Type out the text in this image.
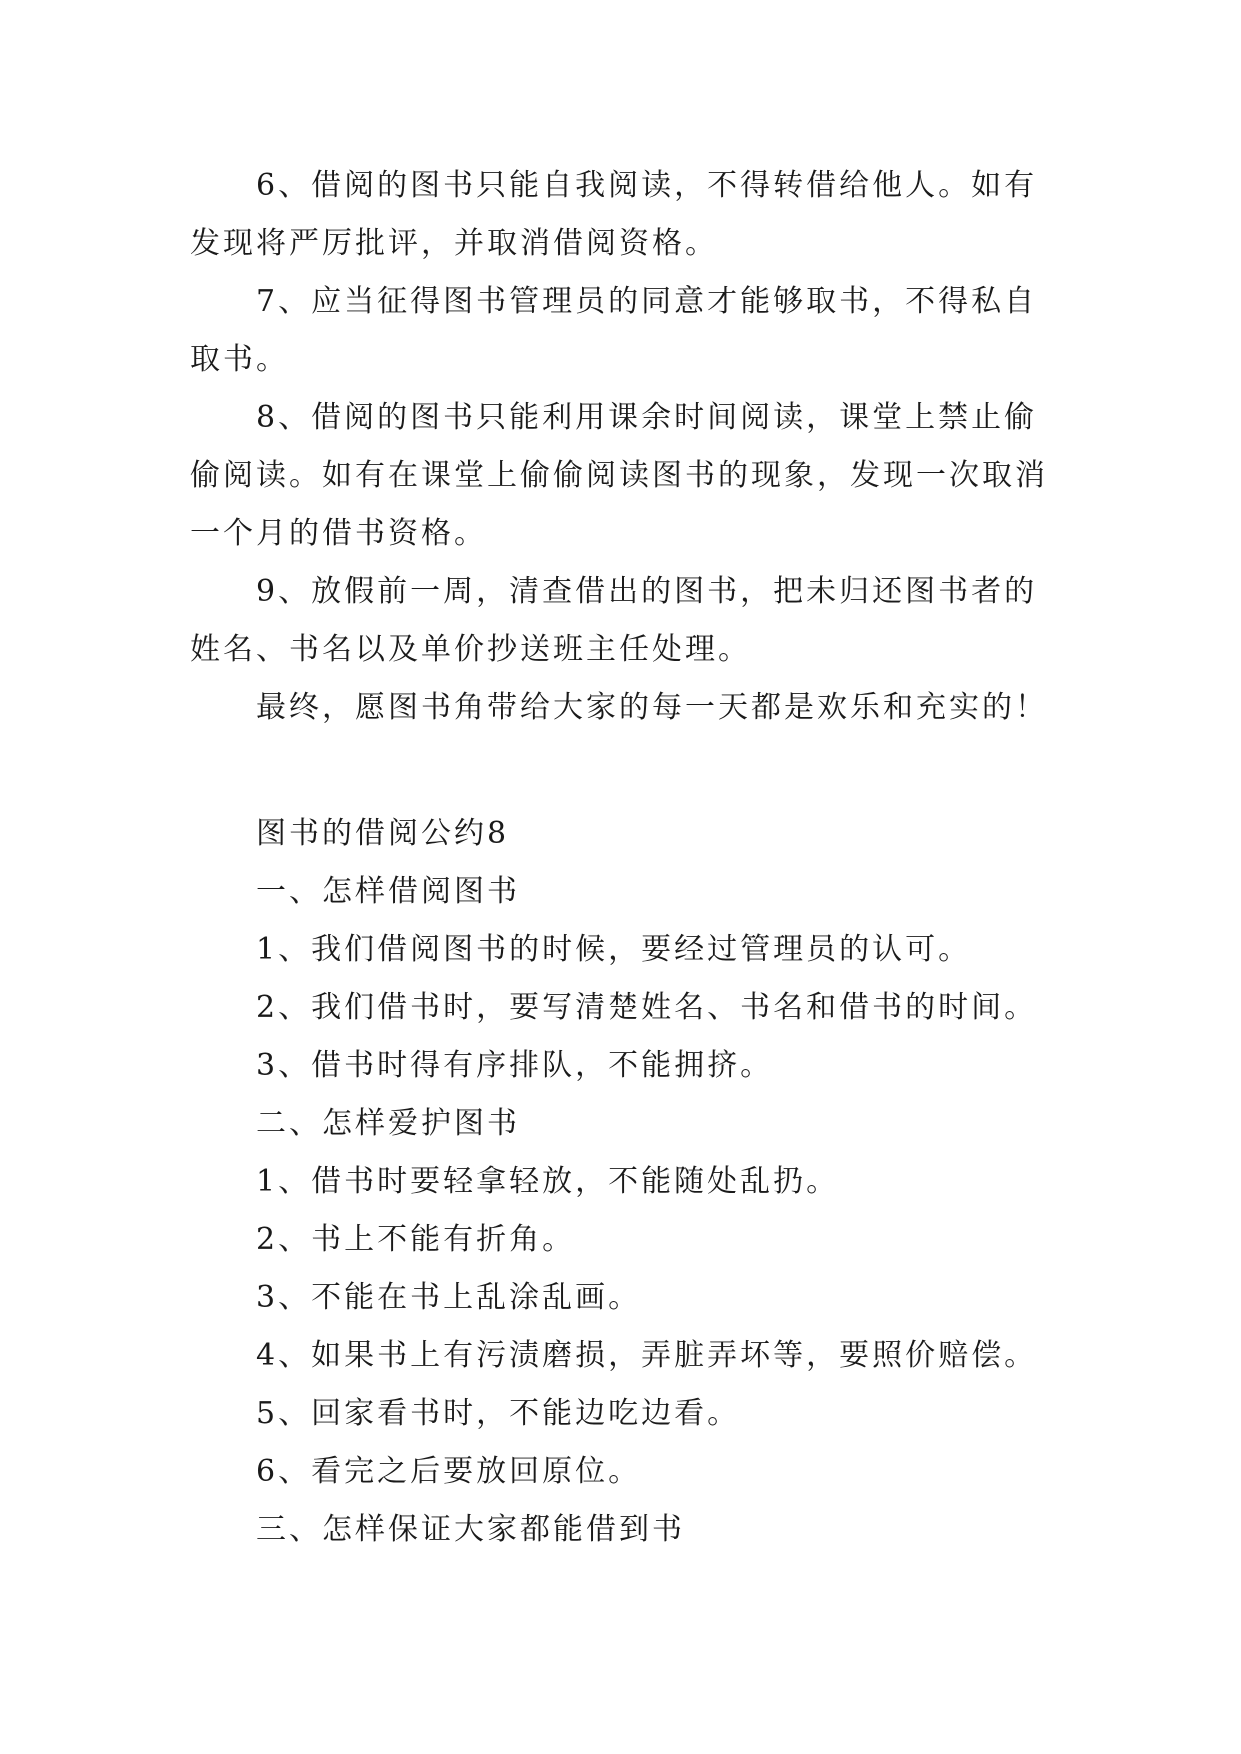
6、借阅的图书只能自我阅读，不得转借给他人。如有
发现将严厉批评，并取消借阅资格。
7、应当征得图书管理员的同意才能够取书，不得私自
取书。
8、借阅的图书只能利用课余时间阅读，课堂上禁止偷
偷阅读。如有在课堂上偷偷阅读图书的现象，发现一次取消
一个月的借书资格。
9、放假前一周，清查借出的图书，把未归还图书者的
姓名、书名以及单价抄送班主任处理。
最终，愿图书角带给大家的每一天都是欢乐和充实的！
图书的借阅公约8
一、怎样借阅图书
1、我们借阅图书的时候，要经过管理员的认可。
2、我们借书时，要写清楚姓名、书名和借书的时间。
3、借书时得有序排队，不能拥挤。
二、怎样爱护图书
1、借书时要轻拿轻放，不能随处乱扔。
2、书上不能有折角。
3、不能在书上乱涂乱画。
4、如果书上有污渍磨损，弄脏弄坏等，要照价赔偿。
5、回家看书时，不能边吃边看。
6、看完之后要放回原位。
三、怎样保证大家都能借到书
